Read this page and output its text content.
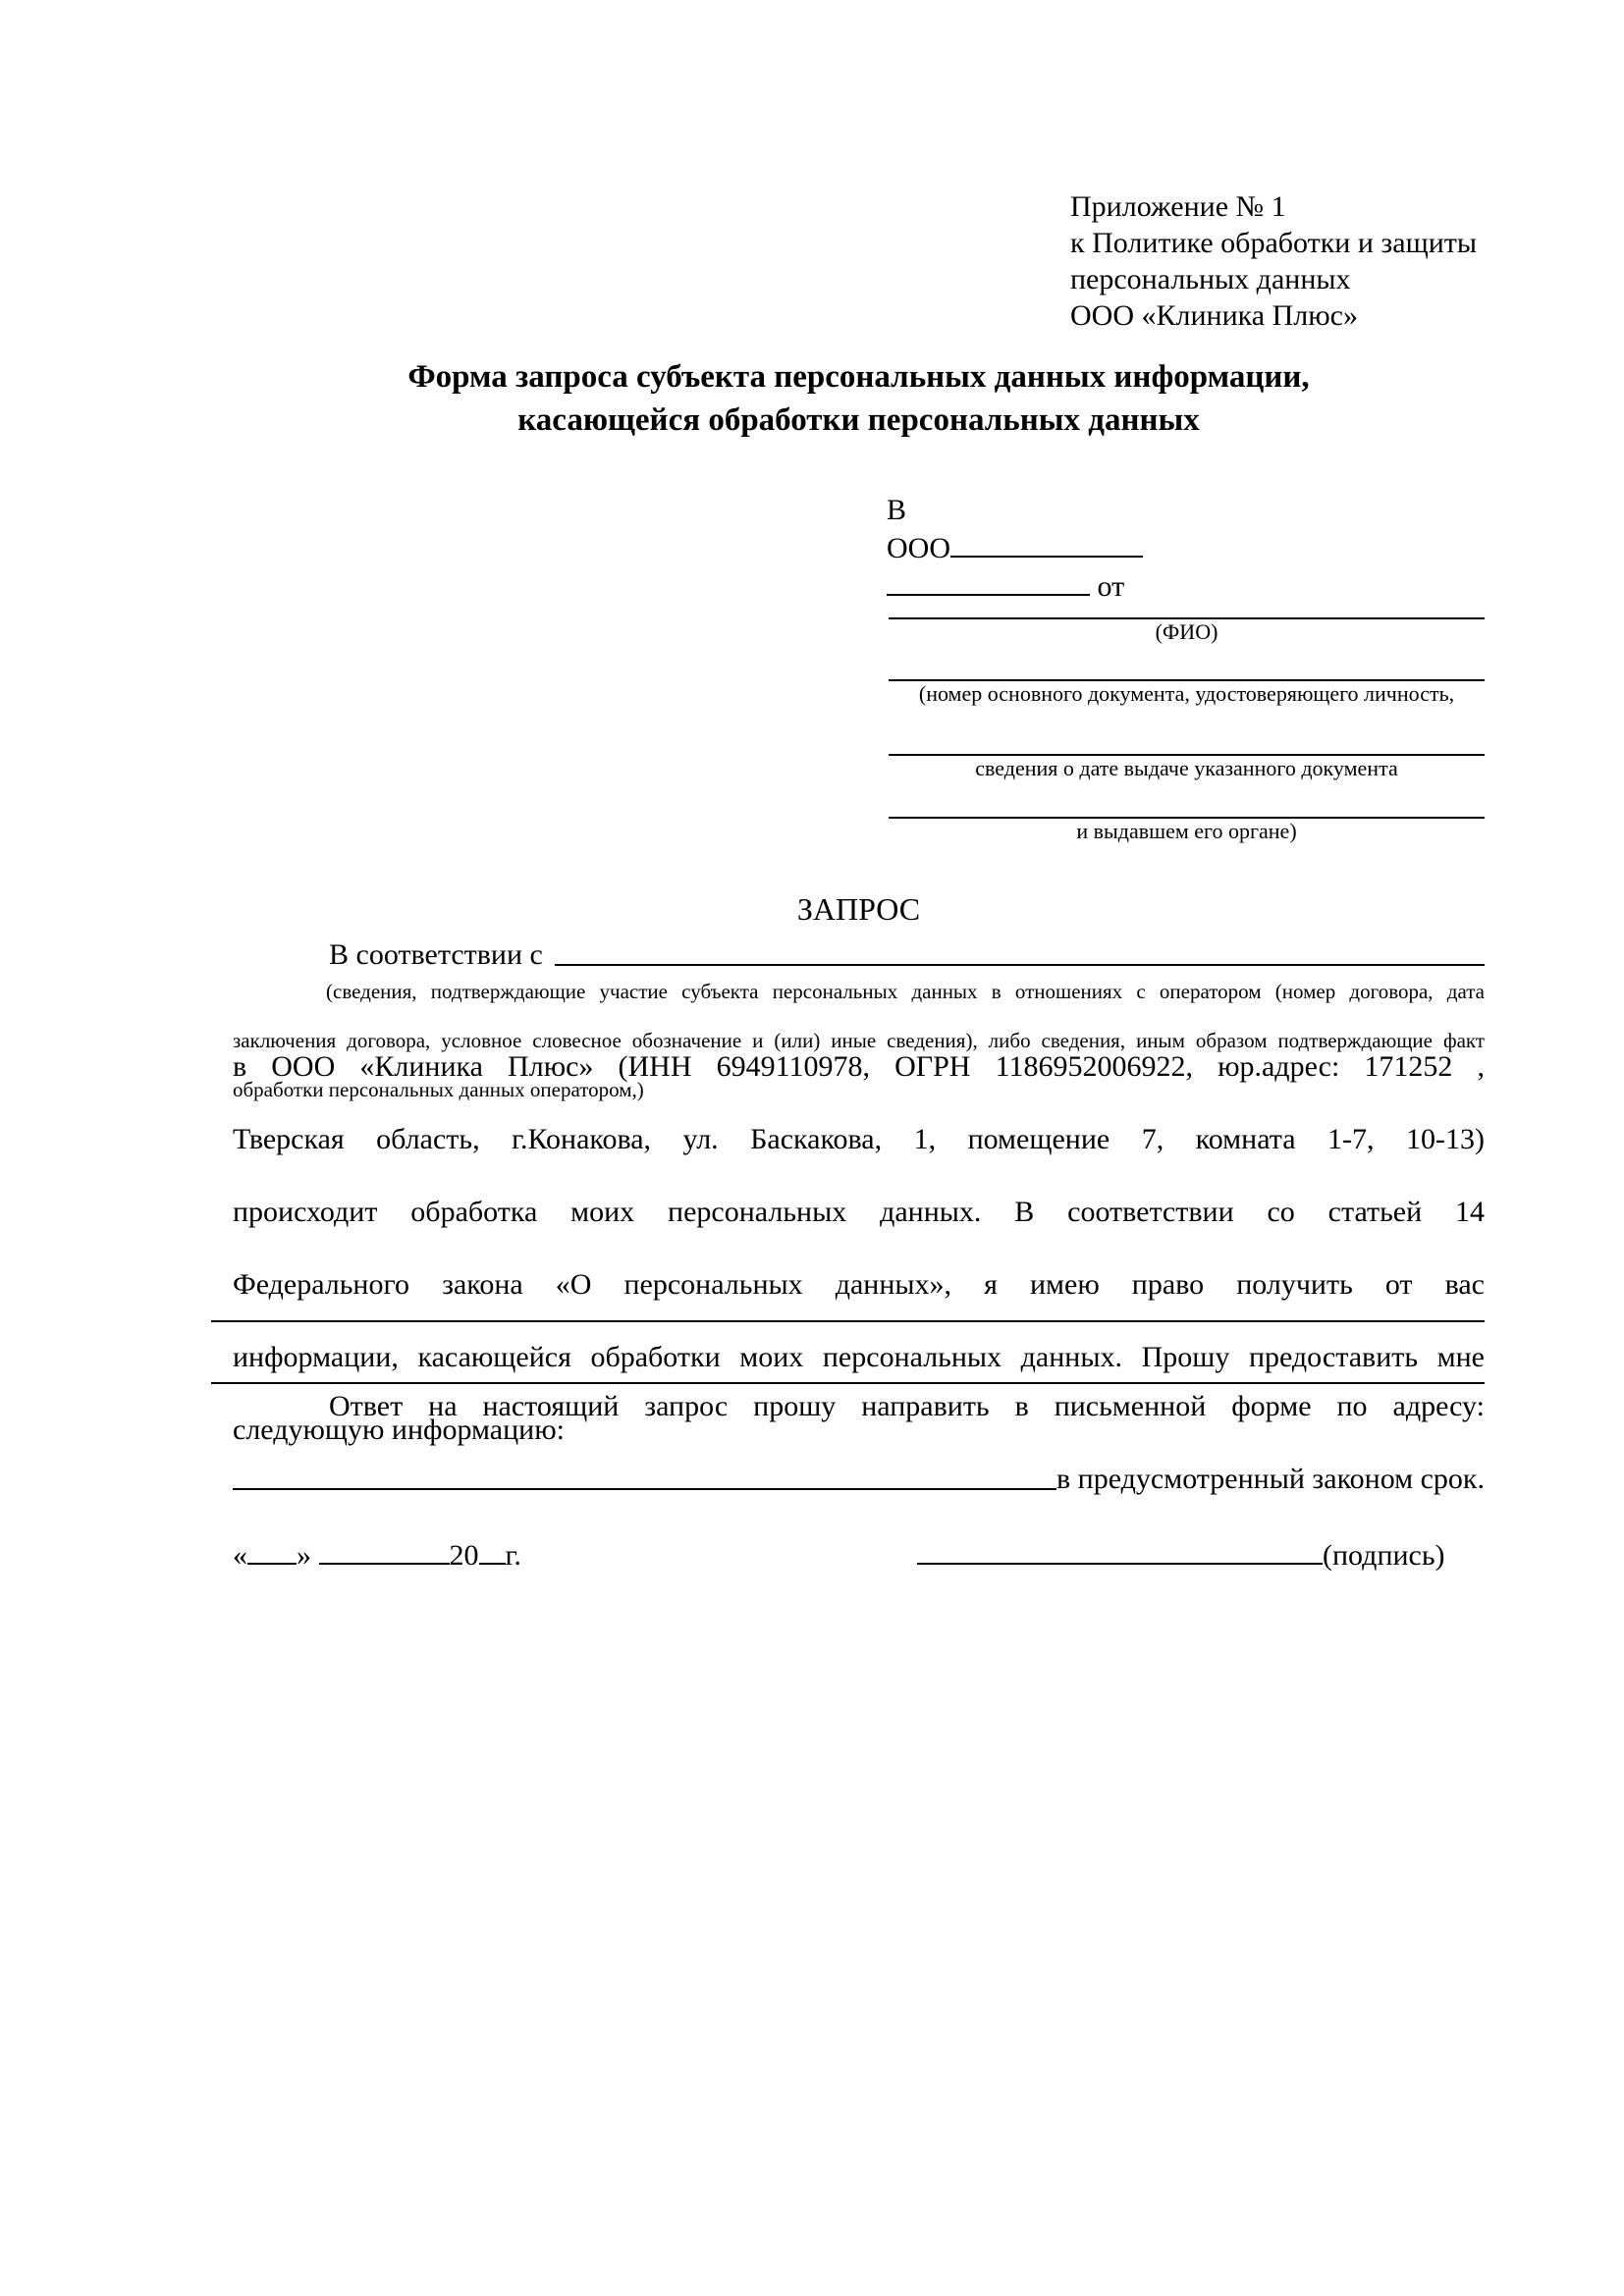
Приложение № 1
к Политике обработки и защиты
персональных данных
ООО «Клиника Плюс»
Форма запроса субъекта персональных данных информации,
касающейся обработки персональных данных
В
ООО
от
(ФИО)
(номер основного документа, удостоверяющего личность,
сведения о дате выдаче указанного документа
и выдавшем его органе)
ЗАПРОС
В соответствии с
(сведения, подтверждающие участие субъекта персональных данных в отношениях с оператором (номер договора, дата
заключения договора, условное словесное обозначение и (или) иные сведения), либо сведения, иным образом подтверждающие факт
обработки персональных данных оператором,)
в ООО «Клиника Плюс» (ИНН 6949110978, ОГРН 1186952006922, юр.адрес: 171252 ,
Тверская область, г.Конакова, ул. Баскакова, 1, помещение 7, комната 1-7, 10-13)
происходит обработка моих персональных данных. В соответствии со статьей 14
Федерального закона «О персональных данных», я имею право получить от вас
информации, касающейся обработки моих персональных данных. Прошу предоставить мне
следующую информацию:
Ответ на настоящий запрос прошу направить в письменной форме по адресу:
в предусмотренный законом срок.
« »	20 г.	(подпись)
